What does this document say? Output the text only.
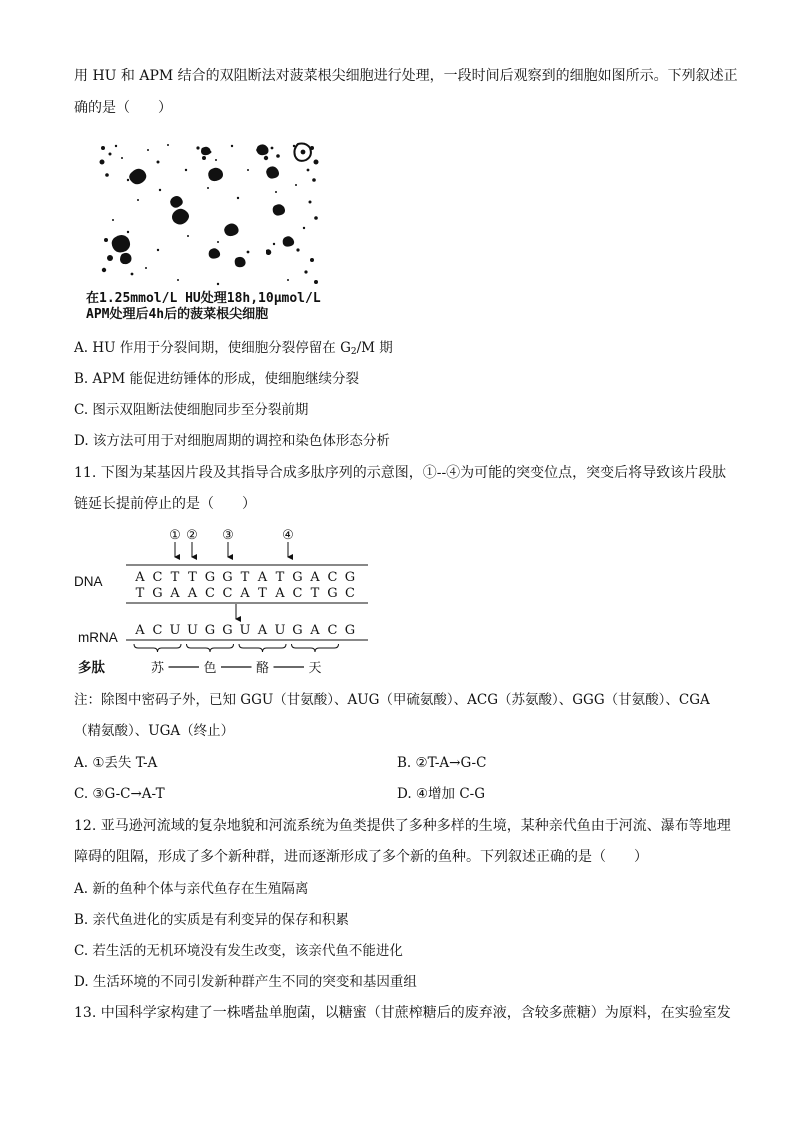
用 HU 和 APM 结合的双阻断法对菠菜根尖细胞进行处理，一段时间后观察到的细胞如图所示。下列叙述正
确的是（　　）
在1.25mmol/L HU处理18h,10μmol/L
APM处理后4h后的菠菜根尖细胞
A. HU 作用于分裂间期，使细胞分裂停留在 $G_2/M$ 期
B. APM 能促进纺锤体的形成，使细胞继续分裂
C. 图示双阻断法使细胞同步至分裂前期
D. 该方法可用于对细胞周期的调控和染色体形态分析
11. 下图为某基因片段及其指导合成多肽序列的示意图，①--④为可能的突变位点，突变后将导致该片段肽
链延长提前停止的是（　　）
① ② ③	④
DNA
mRNA
多肽
A C T T G G T A T G A C G
T G A A C C A T A C T G C
A C U U G G U A U G A C G
苏	色	酪	天
注：除图中密码子外，已知 GGU（甘氨酸）、AUG（甲硫氨酸）、ACG（苏氨酸）、GGG（甘氨酸）、CGA
（精氨酸）、UGA（终止）
A. ①丢失 T-A	B. ②T-A→G-C
C. ③G-C→A-T	D. ④增加 C-G
12. 亚马逊河流域的复杂地貌和河流系统为鱼类提供了多种多样的生境，某种亲代鱼由于河流、瀑布等地理
障碍的阻隔，形成了多个新种群，进而逐渐形成了多个新的鱼种。下列叙述正确的是（　　）
A. 新的鱼种个体与亲代鱼存在生殖隔离
B. 亲代鱼进化的实质是有利变异的保存和积累
C. 若生活的无机环境没有发生改变，该亲代鱼不能进化
D. 生活环境的不同引发新种群产生不同的突变和基因重组
13. 中国科学家构建了一株嗜盐单胞菌，以糖蜜（甘蔗榨糖后的废弃液，含较多蔗糖）为原料，在实验室发
